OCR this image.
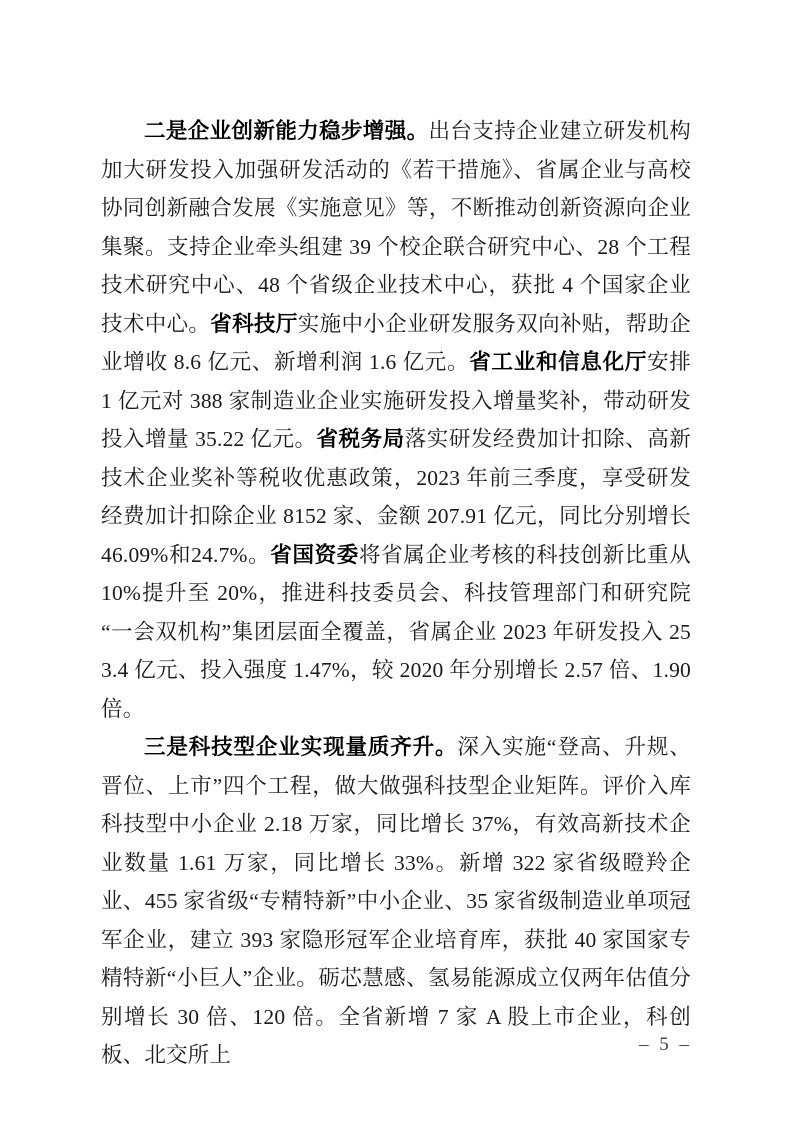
二是企业创新能力稳步增强。出台支持企业建立研发机构加大研发投入加强研发活动的《若干措施》、省属企业与高校协同创新融合发展《实施意见》等，不断推动创新资源向企业集聚。支持企业牵头组建 39 个校企联合研究中心、28 个工程技术研究中心、48 个省级企业技术中心，获批 4 个国家企业技术中心。省科技厅实施中小企业研发服务双向补贴，帮助企业增收 8.6 亿元、新增利润 1.6 亿元。省工业和信息化厅安排 1 亿元对 388 家制造业企业实施研发投入增量奖补，带动研发投入增量 35.22 亿元。省税务局落实研发经费加计扣除、高新技术企业奖补等税收优惠政策，2023 年前三季度，享受研发经费加计扣除企业 8152 家、金额 207.91 亿元，同比分别增长 46.09%和24.7%。省国资委将省属企业考核的科技创新比重从 10%提升至 20%，推进科技委员会、科技管理部门和研究院“一会双机构”集团层面全覆盖，省属企业 2023 年研发投入 253.4 亿元、投入强度 1.47%，较 2020 年分别增长 2.57 倍、1.90 倍。

三是科技型企业实现量质齐升。深入实施“登高、升规、晋位、上市”四个工程，做大做强科技型企业矩阵。评价入库科技型中小企业 2.18 万家，同比增长 37%，有效高新技术企业数量 1.61 万家，同比增长 33%。新增 322 家省级瞪羚企业、455 家省级“专精特新”中小企业、35 家省级制造业单项冠军企业，建立 393 家隐形冠军企业培育库，获批 40 家国家专精特新“小巨人”企业。砺芯慧感、氢易能源成立仅两年估值分别增长 30 倍、120 倍。全省新增 7 家 A 股上市企业，科创板、北交所上	– 5 –
